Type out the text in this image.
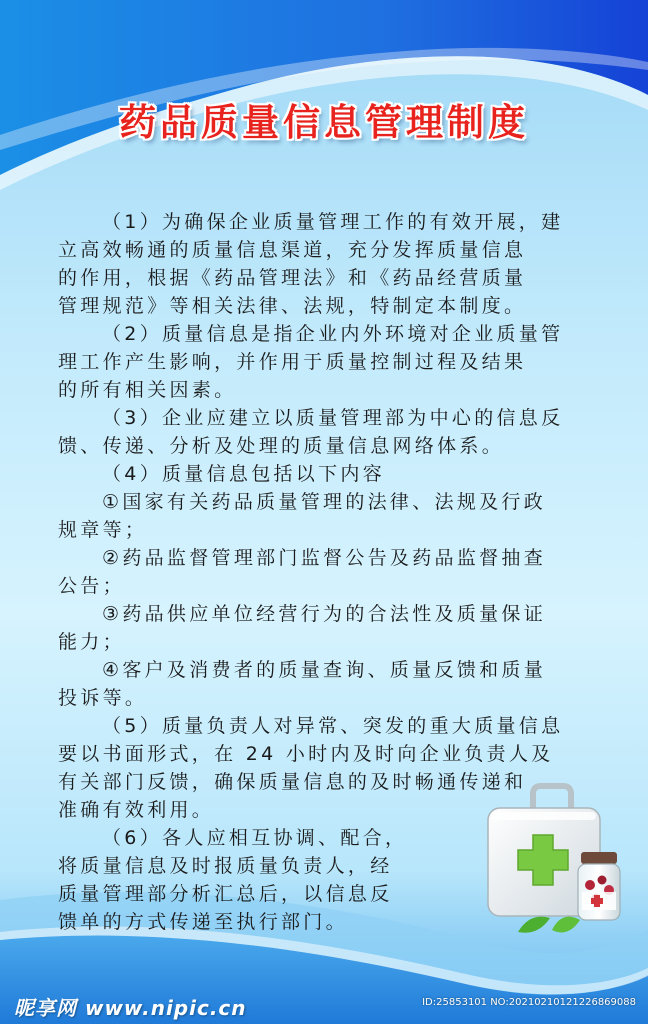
药品质量信息管理制度

（1）为确保企业质量管理工作的有效开展，建
立高效畅通的质量信息渠道，充分发挥质量信息
的作用，根据《药品管理法》和《药品经营质量
管理规范》等相关法律、法规，特制定本制度。

（2）质量信息是指企业内外环境对企业质量管
理工作产生影响，并作用于质量控制过程及结果
的所有相关因素。

（3）企业应建立以质量管理部为中心的信息反
馈、传递、分析及处理的质量信息网络体系。

（4）质量信息包括以下内容

①国家有关药品质量管理的法律、法规及行政
规章等；

②药品监督管理部门监督公告及药品监督抽查
公告；

③药品供应单位经营行为的合法性及质量保证
能力；

④客户及消费者的质量查询、质量反馈和质量
投诉等。

（5）质量负责人对异常、突发的重大质量信息
要以书面形式，在 24 小时内及时向企业负责人及
有关部门反馈，确保质量信息的及时畅通传递和
准确有效利用。

（6）各人应相互协调、配合，
将质量信息及时报质量负责人，经
质量管理部分析汇总后，以信息反
馈单的方式传递至执行部门。

昵享网 www.nipic.cn	ID:25853101 NO:20210210121226869088
